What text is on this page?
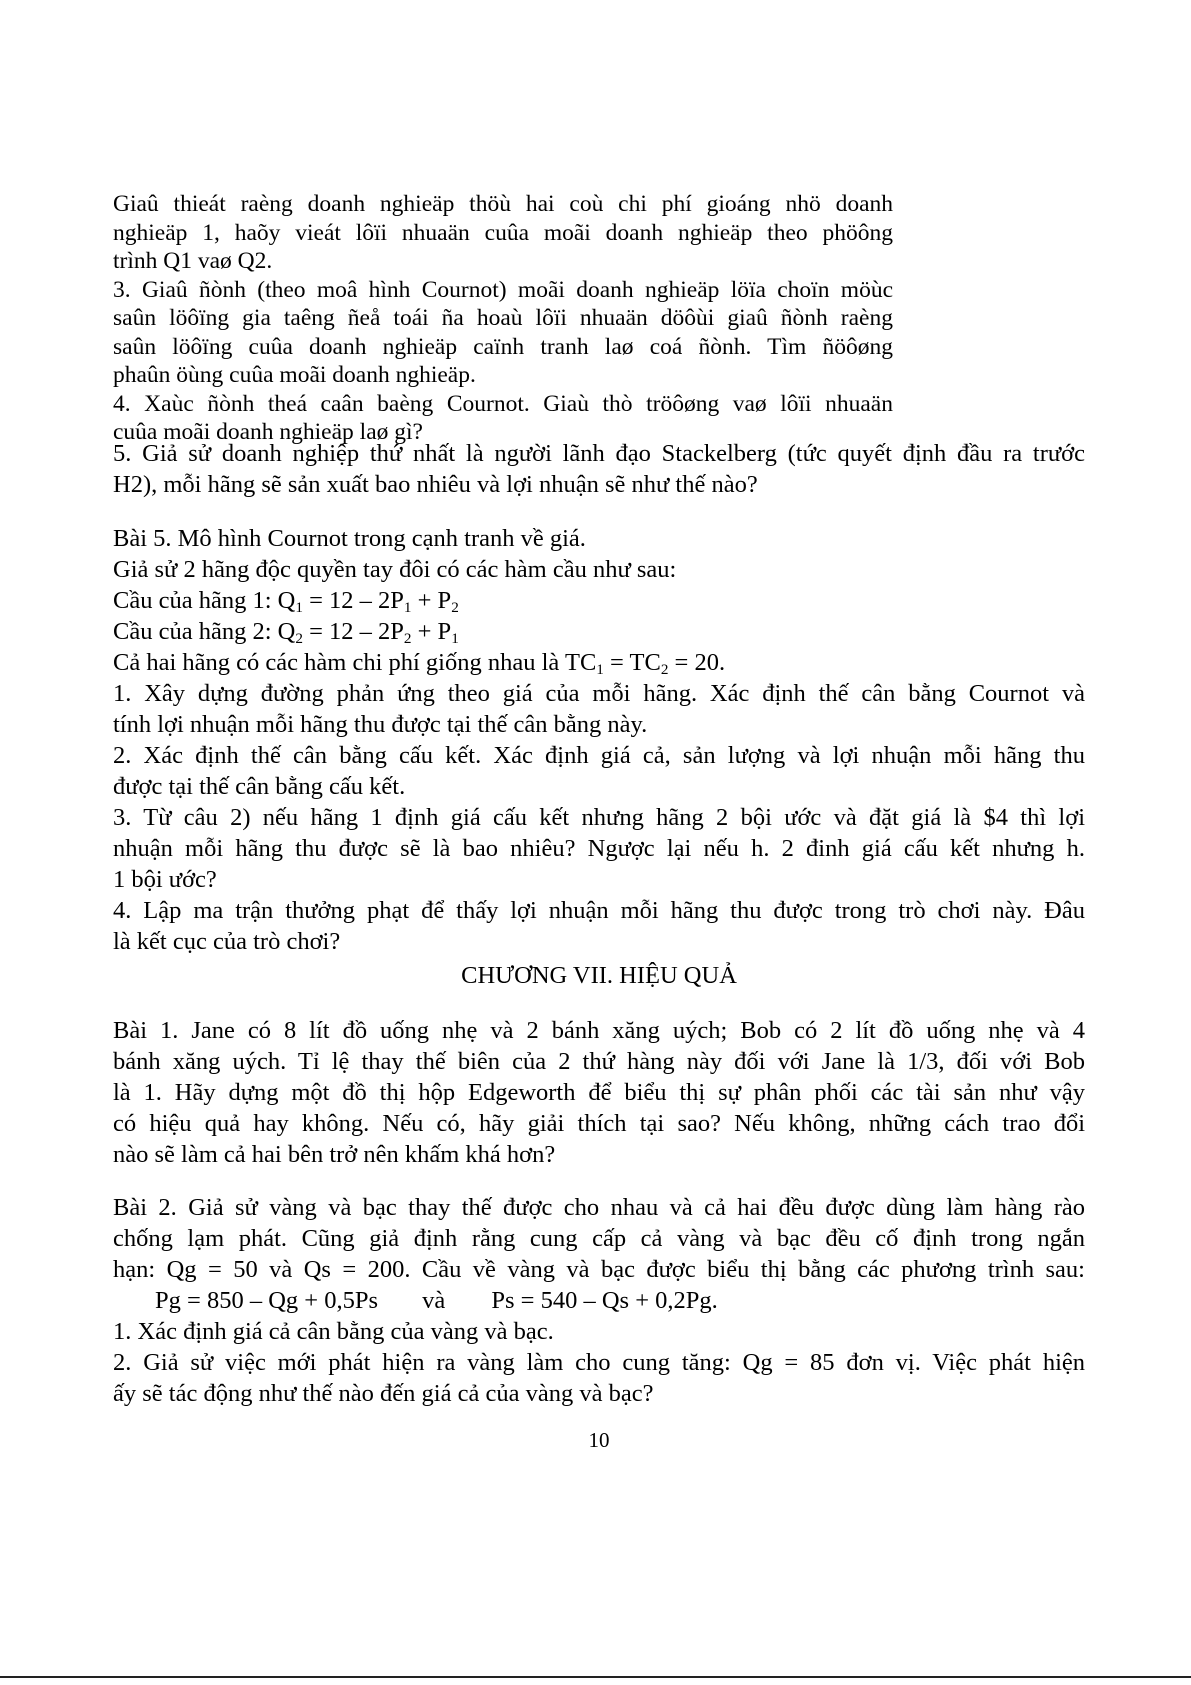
Giaû thieát raèng doanh nghieäp thöù hai coù chi phí gioáng nhö doanh
nghieäp 1, haõy vieát lôïi nhuaän cuûa moãi doanh nghieäp theo phöông
trình Q1 vaø Q2.
3. Giaû ñònh (theo moâ hình Cournot) moãi doanh nghieäp löïa choïn möùc
saûn löôïng gia taêng ñeå toái ña hoaù lôïi nhuaän döôùi giaû ñònh raèng
saûn löôïng cuûa doanh nghieäp caïnh tranh laø coá ñònh. Tìm ñöôøng
phaûn öùng cuûa moãi doanh nghieäp.
4. Xaùc ñònh theá caân baèng Cournot. Giaù thò tröôøng vaø lôïi nhuaän
cuûa moãi doanh nghieäp laø gì?
5. Giả sử doanh nghiệp thứ nhất là người lãnh đạo Stackelberg (tức quyết định đầu ra trước
H2), mỗi hãng sẽ sản xuất bao nhiêu và lợi nhuận sẽ như thế nào?
Bài 5. Mô hình Cournot trong cạnh tranh về giá.
Giả sử 2 hãng độc quyền tay đôi có các hàm cầu như sau:
Cầu của hãng 1: $Q_1 = 12 - 2P_1 + P_2$
Cầu của hãng 2: $Q_2 = 12 - 2P_2 + P_1$
Cả hai hãng có các hàm chi phí giống nhau là $TC_1 = TC_2 = 20$.
1. Xây dựng đường phản ứng theo giá của mỗi hãng. Xác định thế cân bằng Cournot và
tính lợi nhuận mỗi hãng thu được tại thế cân bằng này.
2. Xác định thế cân bằng cấu kết. Xác định giá cả, sản lượng và lợi nhuận mỗi hãng thu
được tại thế cân bằng cấu kết.
3. Từ câu 2) nếu hãng 1 định giá cấu kết nhưng hãng 2 bội ước và đặt giá là $4 thì lợi
nhuận mỗi hãng thu được sẽ là bao nhiêu? Ngược lại nếu h. 2 đinh giá cấu kết nhưng h.
1 bội ước?
4. Lập ma trận thưởng phạt để thấy lợi nhuận mỗi hãng thu được trong trò chơi này. Đâu
là kết cục của trò chơi?
CHƯƠNG VII. HIỆU QUẢ
Bài 1. Jane có 8 lít đồ uống nhẹ và 2 bánh xăng uých; Bob có 2 lít đồ uống nhẹ và 4
bánh xăng uých. Tỉ lệ thay thế biên của 2 thứ hàng này đối với Jane là 1/3, đối với Bob
là 1. Hãy dựng một đồ thị hộp Edgeworth để biểu thị sự phân phối các tài sản như vậy
có hiệu quả hay không. Nếu có, hãy giải thích tại sao? Nếu không, những cách trao đổi
nào sẽ làm cả hai bên trở nên khấm khá hơn?
Bài 2. Giả sử vàng và bạc thay thế được cho nhau và cả hai đều được dùng làm hàng rào
chống lạm phát. Cũng giả định rằng cung cấp cả vàng và bạc đều cố định trong ngắn
hạn: Qg = 50 và Qs = 200. Cầu về vàng và bạc được biểu thị bằng các phương trình sau:
Pg = 850 – Qg + 0,5Ps và Ps = 540 – Qs + 0,2Pg.
1. Xác định giá cả cân bằng của vàng và bạc.
2. Giả sử việc mới phát hiện ra vàng làm cho cung tăng: Qg = 85 đơn vị. Việc phát hiện
ấy sẽ tác động như thế nào đến giá cả của vàng và bạc?
10
